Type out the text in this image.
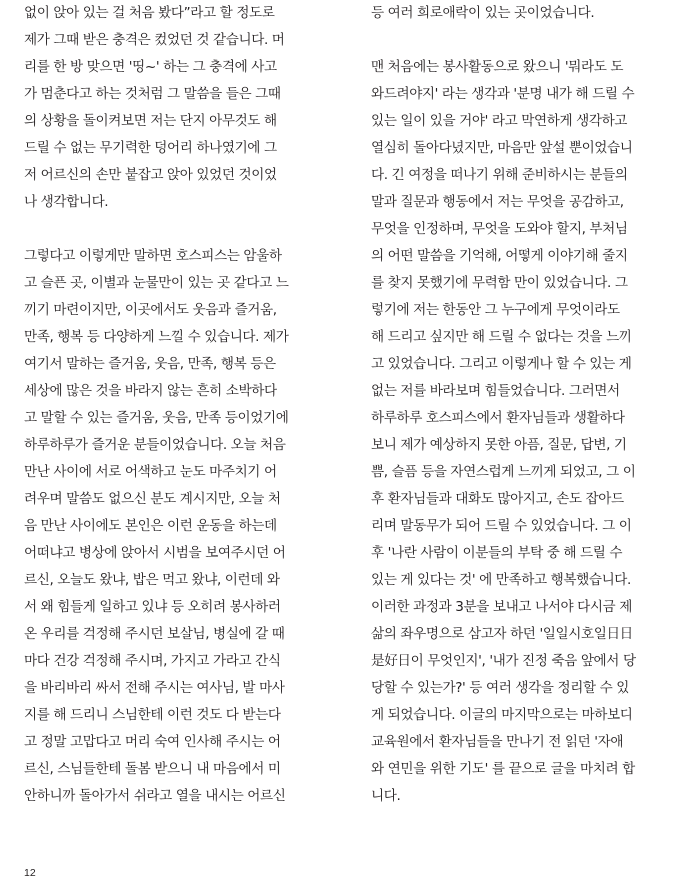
없이 앉아 있는 걸 처음 봤다”라고 할 정도로
제가 그때 받은 충격은 컸었던 것 같습니다. 머
리를 한 방 맞으면 '띵~' 하는 그 충격에 사고
가 멈춘다고 하는 것처럼 그 말씀을 들은 그때
의 상황을 돌이켜보면 저는 단지 아무것도 해
드릴 수 없는 무기력한 덩어리 하나였기에 그
저 어르신의 손만 붙잡고 앉아 있었던 것이었
나 생각합니다.
그렇다고 이렇게만 말하면 호스피스는 암울하
고 슬픈 곳, 이별과 눈물만이 있는 곳 같다고 느
끼기 마련이지만, 이곳에서도 웃음과 즐거움,
만족, 행복 등 다양하게 느낄 수 있습니다. 제가
여기서 말하는 즐거움, 웃음, 만족, 행복 등은
세상에 많은 것을 바라지 않는 흔히 소박하다
고 말할 수 있는 즐거움, 웃음, 만족 등이었기에
하루하루가 즐거운 분들이었습니다. 오늘 처음
만난 사이에 서로 어색하고 눈도 마주치기 어
려우며 말씀도 없으신 분도 계시지만, 오늘 처
음 만난 사이에도 본인은 이런 운동을 하는데
어떠냐고 병상에 앉아서 시범을 보여주시던 어
르신, 오늘도 왔냐, 밥은 먹고 왔냐, 이런데 와
서 왜 힘들게 일하고 있냐 등 오히려 봉사하러
온 우리를 걱정해 주시던 보살님, 병실에 갈 때
마다 건강 걱정해 주시며, 가지고 가라고 간식
을 바리바리 싸서 전해 주시는 여사님, 발 마사
지를 해 드리니 스님한테 이런 것도 다 받는다
고 정말 고맙다고 머리 숙여 인사해 주시는 어
르신, 스님들한테 돌봄 받으니 내 마음에서 미
안하니까 돌아가서 쉬라고 열을 내시는 어르신
등 여러 희로애락이 있는 곳이었습니다.
맨 처음에는 봉사활동으로 왔으니 '뭐라도 도
와드려야지' 라는 생각과 '분명 내가 해 드릴 수
있는 일이 있을 거야' 라고 막연하게 생각하고
열심히 돌아다녔지만, 마음만 앞설 뿐이었습니
다. 긴 여정을 떠나기 위해 준비하시는 분들의
말과 질문과 행동에서 저는 무엇을 공감하고,
무엇을 인정하며, 무엇을 도와야 할지, 부처님
의 어떤 말씀을 기억해, 어떻게 이야기해 줄지
를 찾지 못했기에 무력함 만이 있었습니다. 그
렇기에 저는 한동안 그 누구에게 무엇이라도
해 드리고 싶지만 해 드릴 수 없다는 것을 느끼
고 있었습니다. 그리고 이렇게나 할 수 있는 게
없는 저를 바라보며 힘들었습니다. 그러면서
하루하루 호스피스에서 환자님들과 생활하다
보니 제가 예상하지 못한 아픔, 질문, 답변, 기
쁨, 슬픔 등을 자연스럽게 느끼게 되었고, 그 이
후 환자님들과 대화도 많아지고, 손도 잡아드
리며 말동무가 되어 드릴 수 있었습니다. 그 이
후 '나란 사람이 이분들의 부탁 중 해 드릴 수
있는 게 있다는 것' 에 만족하고 행복했습니다.
이러한 과정과 3분을 보내고 나서야 다시금 제
삶의 좌우명으로 삼고자 하던 '일일시호일日日
是好日이 무엇인지', '내가 진정 죽음 앞에서 당
당할 수 있는가?' 등 여러 생각을 정리할 수 있
게 되었습니다. 이글의 마지막으로는 마하보디
교육원에서 환자님들을 만나기 전 읽던 '자애
와 연민을 위한 기도' 를 끝으로 글을 마치려 합
니다.
12
